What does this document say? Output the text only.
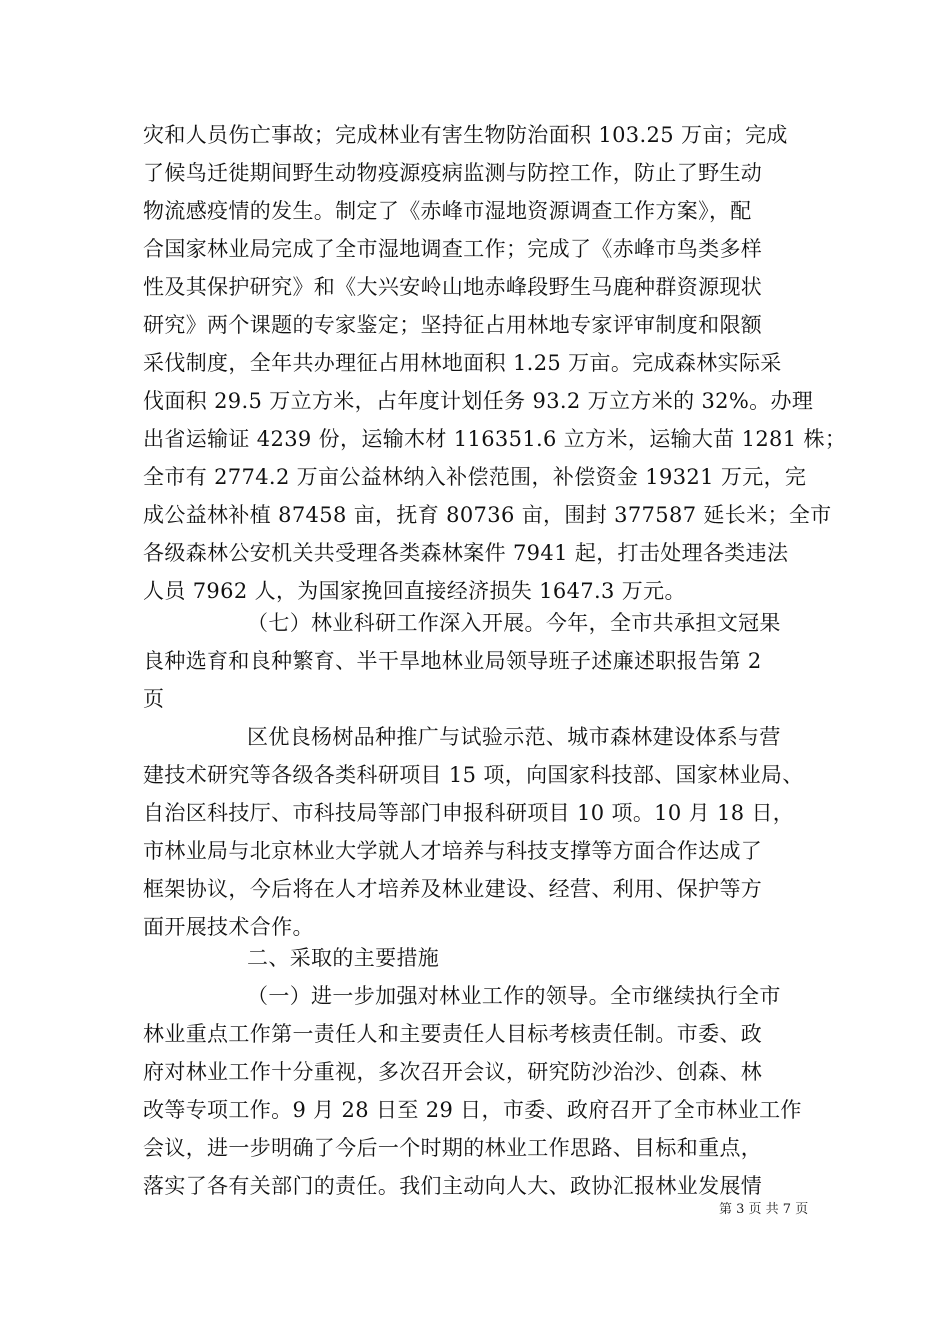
灾和人员伤亡事故；完成林业有害生物防治面积 103.25 万亩；完成
了候鸟迁徙期间野生动物疫源疫病监测与防控工作，防止了野生动
物流感疫情的发生。制定了《赤峰市湿地资源调查工作方案》，配
合国家林业局完成了全市湿地调查工作；完成了《赤峰市鸟类多样
性及其保护研究》和《大兴安岭山地赤峰段野生马鹿种群资源现状
研究》两个课题的专家鉴定；坚持征占用林地专家评审制度和限额
采伐制度，全年共办理征占用林地面积 1.25 万亩。完成森林实际采
伐面积 29.5 万立方米，占年度计划任务 93.2 万立方米的 32%。办理
出省运输证 4239 份，运输木材 116351.6 立方米，运输大苗 1281 株；
全市有 2774.2 万亩公益林纳入补偿范围，补偿资金 19321 万元，完
成公益林补植 87458 亩，抚育 80736 亩，围封 377587 延长米；全市
各级森林公安机关共受理各类森林案件 7941 起，打击处理各类违法
人员 7962 人，为国家挽回直接经济损失 1647.3 万元。
（七）林业科研工作深入开展。今年，全市共承担文冠果
良种选育和良种繁育、半干旱地林业局领导班子述廉述职报告第 2
页
区优良杨树品种推广与试验示范、城市森林建设体系与营
建技术研究等各级各类科研项目 15 项，向国家科技部、国家林业局、
自治区科技厅、市科技局等部门申报科研项目 10 项。10 月 18 日，
市林业局与北京林业大学就人才培养与科技支撑等方面合作达成了
框架协议，今后将在人才培养及林业建设、经营、利用、保护等方
面开展技术合作。
二、采取的主要措施
（一）进一步加强对林业工作的领导。全市继续执行全市
林业重点工作第一责任人和主要责任人目标考核责任制。市委、政
府对林业工作十分重视，多次召开会议，研究防沙治沙、创森、林
改等专项工作。9 月 28 日至 29 日，市委、政府召开了全市林业工作
会议，进一步明确了今后一个时期的林业工作思路、目标和重点，
落实了各有关部门的责任。我们主动向人大、政协汇报林业发展情
第 3 页 共 7 页
